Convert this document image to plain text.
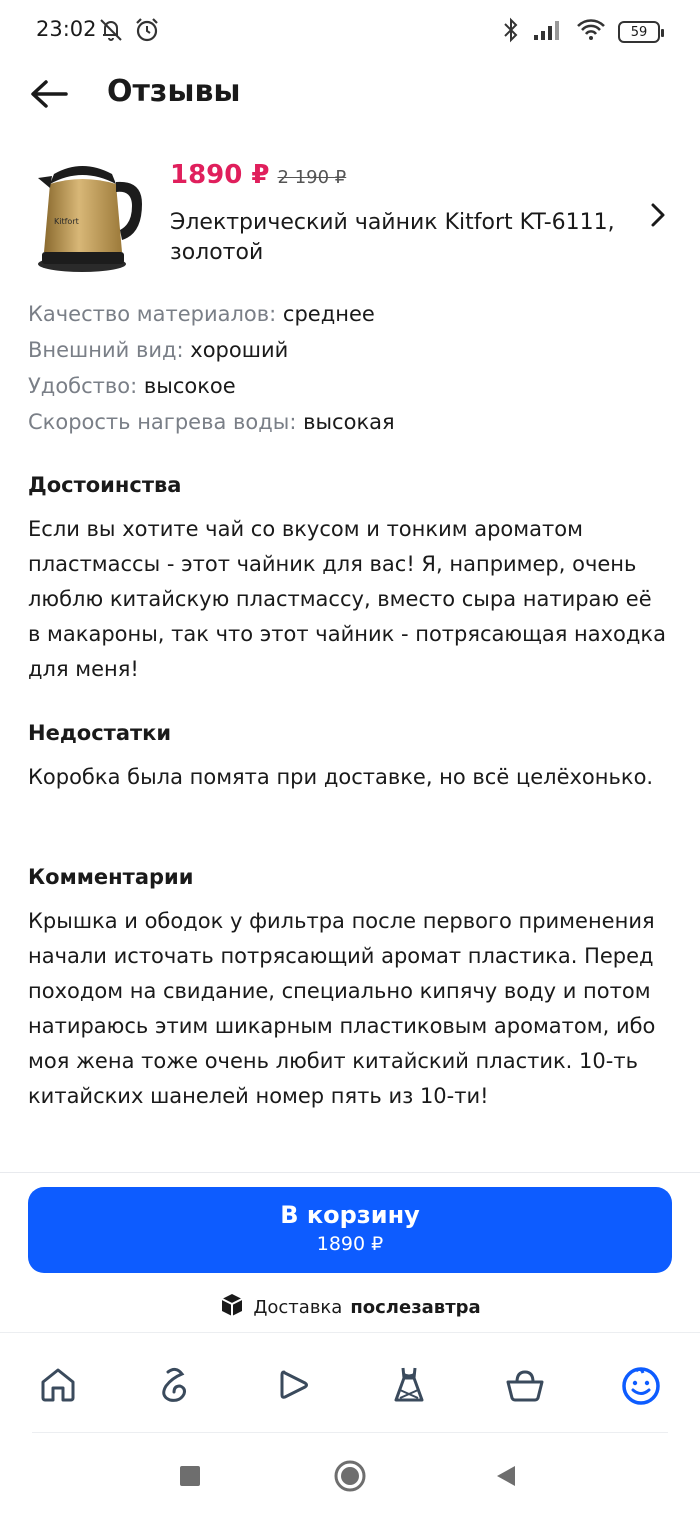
23:02	59
Отзывы
Kitfort
1890 ₽ 2 190 ₽
Электрический чайник Kitfort KT-6111, золотой
Качество материалов: среднее
Внешний вид: хороший
Удобство: высокое
Скорость нагрева воды: высокая
Достоинства

Если вы хотите чай со вкусом и тонким ароматом пластмассы - этот чайник для вас! Я, например, очень люблю китайскую пластмассу, вместо сыра натираю её в макароны, так что этот чайник - потрясающая находка для меня!

Недостатки

Коробка была помята при доставке, но всё целёхонько.

Комментарии

Крышка и ободок у фильтра после первого применения начали источать потрясающий аромат пластика. Перед походом на свидание, специально кипячу воду и потом натираюсь этим шикарным пластиковым ароматом, ибо моя жена тоже очень любит китайский пластик. 10-ть китайских шанелей номер пять из 10-ти!

В корзину
1890 ₽
Доставка послезавтра
